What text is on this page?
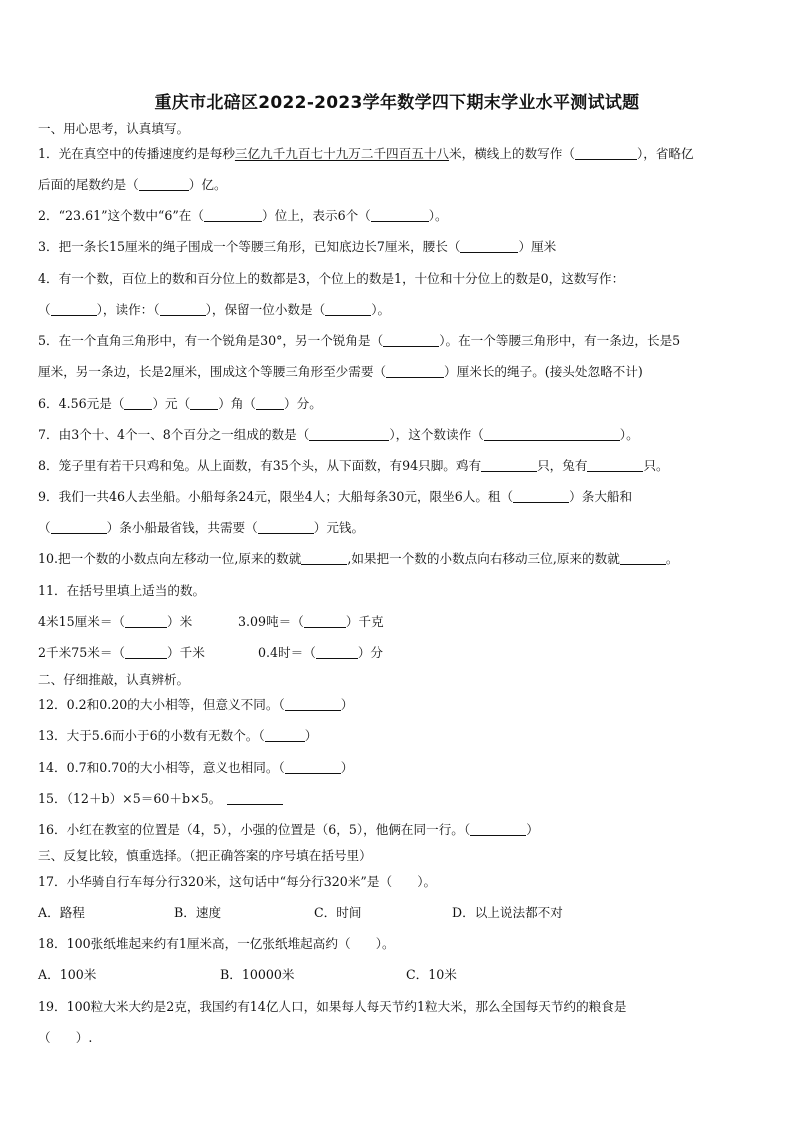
重庆市北碚区2022-2023学年数学四下期末学业水平测试试题
一、用心思考，认真填写。
1．光在真空中的传播速度约是每秒三亿九千九百七十九万二千四百五十八米，横线上的数写作（	），省略亿
后面的尾数约是（	）亿。
2．“23.61”这个数中“6”在（	）位上，表示6个（	）。
3．把一条长15厘米的绳子围成一个等腰三角形，已知底边长7厘米，腰长（	）厘米
4．有一个数，百位上的数和百分位上的数都是3，个位上的数是1，十位和十分位上的数是0，这数写作：
（	），读作：（	），保留一位小数是（	）。
5．在一个直角三角形中，有一个锐角是30°，另一个锐角是（	）。在一个等腰三角形中，有一条边，长是5
厘米，另一条边，长是2厘米，围成这个等腰三角形至少需要（	）厘米长的绳子。(接头处忽略不计)
6．4.56元是（ ）元（ ）角（ ）分。
7．由3个十、4个一、8个百分之一组成的数是（	），这个数读作（	）。
8．笼子里有若干只鸡和兔。从上面数，有35个头，从下面数，有94只脚。鸡有	只，兔有	只。
9．我们一共46人去坐船。小船每条24元，限坐4人；大船每条30元，限坐6人。租（	）条大船和
（	）条小船最省钱，共需要（	）元钱。
10.把一个数的小数点向左移动一位,原来的数就	,如果把一个数的小数点向右移动三位,原来的数就	。
11．在括号里填上适当的数。
4米15厘米＝（	）米	3.09吨＝（	）千克
2千米75米＝（	）千米	0.4时＝（	）分
二、仔细推敲，认真辨析。
12．0.2和0.20的大小相等，但意义不同。（	）
13．大于5.6而小于6的小数有无数个。（	）
14．0.7和0.70的大小相等，意义也相同。（	）
15．（12＋b）×5＝60＋b×5。
16．小红在教室的位置是（4，5），小强的位置是（6，5），他俩在同一行。（	）
三、反复比较，慎重选择。（把正确答案的序号填在括号里）
17．小华骑自行车每分行320米，这句话中“每分行320米”是（　　）。
A．路程	B．速度	C．时间	D．以上说法都不对
18．100张纸堆起来约有1厘米高，一亿张纸堆起高约（　　）。
A．100米	B．10000米	C．10米
19．100粒大米大约是2克，我国约有14亿人口，如果每人每天节约1粒大米，那么全国每天节约的粮食是
（　　）.
